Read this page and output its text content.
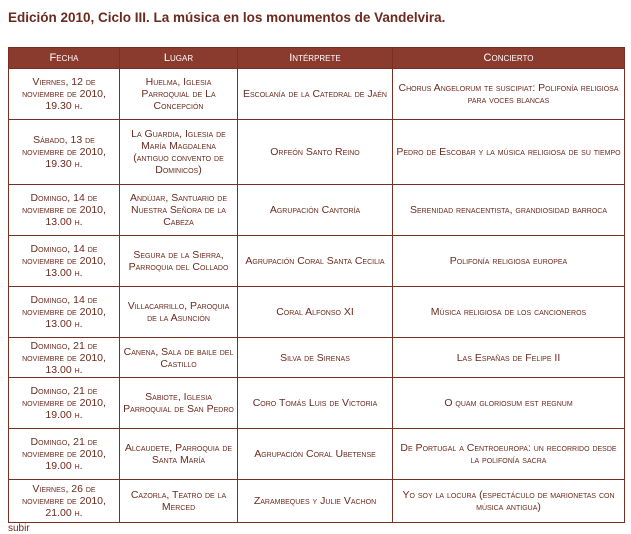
Edición 2010, Ciclo III. La música en los monumentos de Vandelvira.
Fecha	Lugar	Intérprete	Concierto
Viernes, 12 de noviembre de 2010, 19.30 h.	Huelma, Iglesia Parroquial de La Concepción	Escolanía de la Catedral de Jaén	Chorus Angelorum te suscipiat: Polifonía religiosa para voces blancas
Sábado, 13 de noviembre de 2010, 19.30 h.	La Guardia, Iglesia de María Magdalena (antiguo convento de Dominicos)	Orfeón Santo Reino	Pedro de Escobar y la música religiosa de su tiempo
Domingo, 14 de noviembre de 2010, 13.00 h.	Andújar, Santuario de Nuestra Señora de la Cabeza	Agrupación Cantoría	Serenidad renacentista, grandiosidad barroca
Domingo, 14 de noviembre de 2010, 13.00 h.	Segura de la Sierra, Parroquia del Collado	Agrupación Coral Santa Cecilia	Polifonía religiosa europea
Domingo, 14 de noviembre de 2010, 13.00 h.	Villacarrillo, Paroquia de la Asunción	Coral Alfonso XI	Música religiosa de los cancioneros
Domingo, 21 de noviembre de 2010, 13.00 h.	Canena, Sala de baile del Castillo	Silva de Sirenas	Las Españas de Felipe II
Domingo, 21 de noviembre de 2010, 19.00 h.	Sabiote, Iglesia Parroquial de San Pedro	Coro Tomás Luis de Victoria	O quam gloriosum est regnum
Domingo, 21 de noviembre de 2010, 19.00 h.	Alcaudete, Parroquia de Santa María	Agrupación Coral Ubetense	De Portugal a Centroeuropa: un recorrido desde la polifonía sacra
Viernes, 26 de noviembre de 2010, 21.00 h.	Cazorla, Teatro de la Merced	Zarambeques y Julie Vachon	Yo soy la locura (espectáculo de marionetas con música antigua)
subir
